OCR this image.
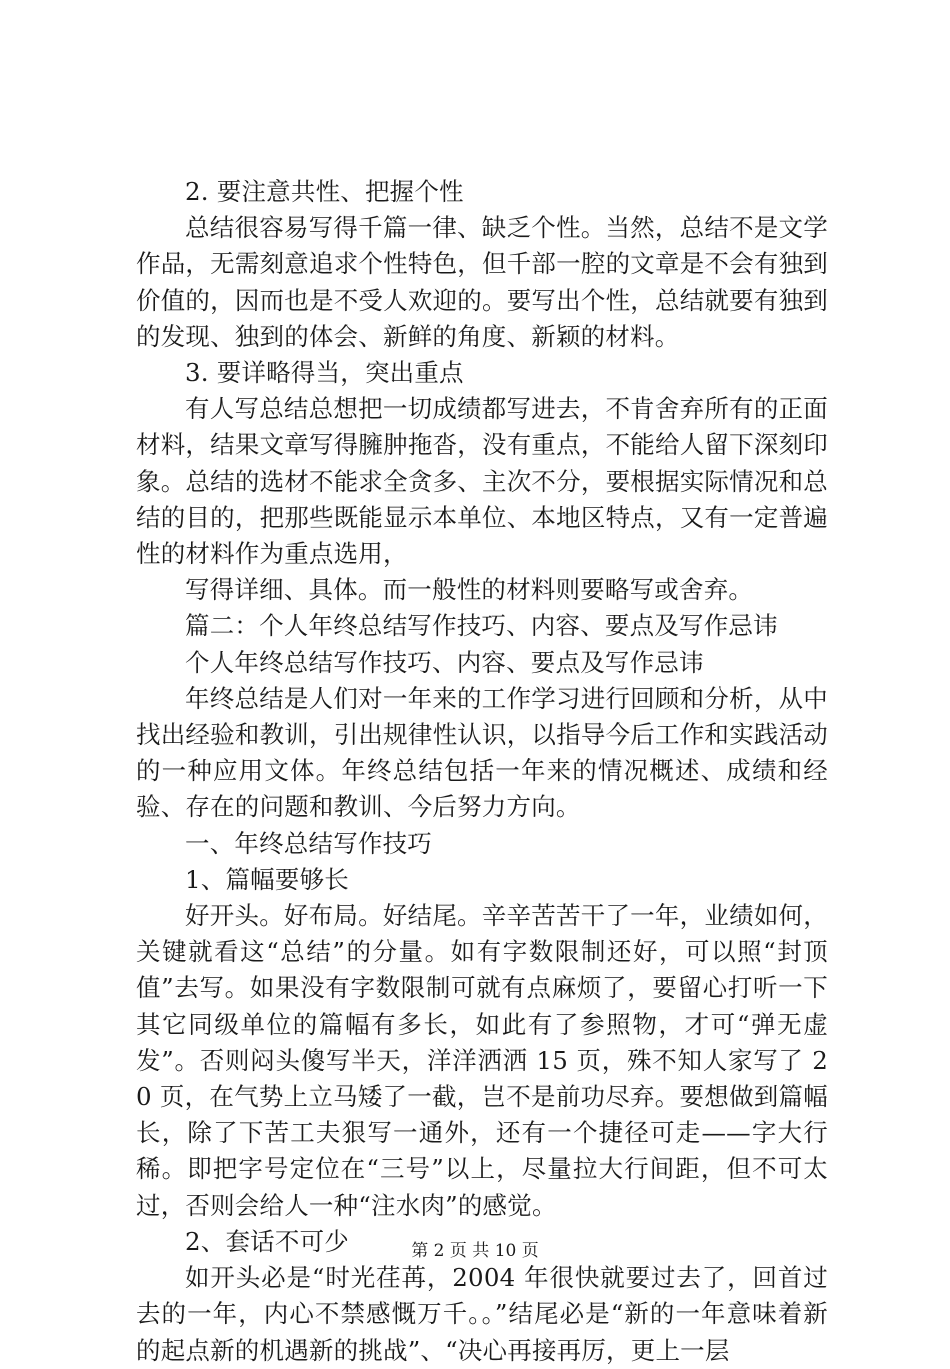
2. 要注意共性、把握个性

总结很容易写得千篇一律、缺乏个性。当然，总结不是文学作品，无需刻意追求个性特色，但千部一腔的文章是不会有独到价值的，因而也是不受人欢迎的。要写出个性，总结就要有独到的发现、独到的体会、新鲜的角度、新颖的材料。

3. 要详略得当，突出重点

有人写总结总想把一切成绩都写进去，不肯舍弃所有的正面材料，结果文章写得臃肿拖沓，没有重点，不能给人留下深刻印象。总结的选材不能求全贪多、主次不分，要根据实际情况和总结的目的，把那些既能显示本单位、本地区特点，又有一定普遍性的材料作为重点选用，

写得详细、具体。而一般性的材料则要略写或舍弃。

篇二：个人年终总结写作技巧、内容、要点及写作忌讳

个人年终总结写作技巧、内容、要点及写作忌讳

年终总结是人们对一年来的工作学习进行回顾和分析，从中找出经验和教训，引出规律性认识，以指导今后工作和实践活动的一种应用文体。年终总结包括一年来的情况概述、成绩和经验、存在的问题和教训、今后努力方向。

一、年终总结写作技巧

1、篇幅要够长

好开头。好布局。好结尾。辛辛苦苦干了一年，业绩如何，关键就看这“总结”的分量。如有字数限制还好，可以照“封顶值”去写。如果没有字数限制可就有点麻烦了，要留心打听一下其它同级单位的篇幅有多长，如此有了参照物，才可“弹无虚发”。否则闷头傻写半天，洋洋洒洒 15 页，殊不知人家写了 20 页，在气势上立马矮了一截，岂不是前功尽弃。要想做到篇幅长，除了下苦工夫狠写一通外，还有一个捷径可走——字大行稀。即把字号定位在“三号”以上，尽量拉大行间距，但不可太过，否则会给人一种“注水肉”的感觉。

2、套话不可少

如开头必是“时光荏苒，2004 年很快就要过去了，回首过去的一年，内心不禁感慨万千。。”结尾必是“新的一年意味着新的起点新的机遇新的挑战”、“决心再接再厉，更上一层

第 2 页 共 10 页
